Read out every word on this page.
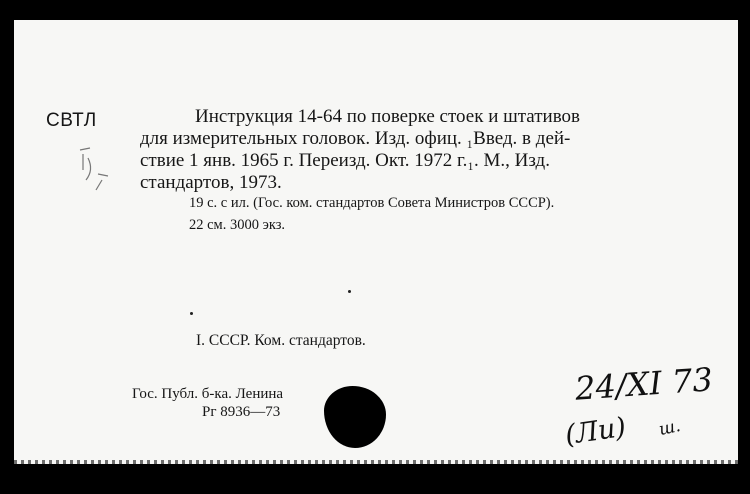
СВТЛ	Инструкция 14-64 по поверке стоек и штативов
для измерительных головок. Изд. офиц. ₁Введ. в дей-
ствие 1 янв. 1965 г. Переизд. Окт. 1972 г.₁. М., Изд.
стандартов, 1973.
19 с. с ил. (Гос. ком. стандартов Совета Министров СССР).
22 см. 3000 экз.
I. СССР. Ком. стандартов.
Гос. Публ. б-ка. Ленина
Рг 8936—73
24/XI 73
(Ли) ш.
